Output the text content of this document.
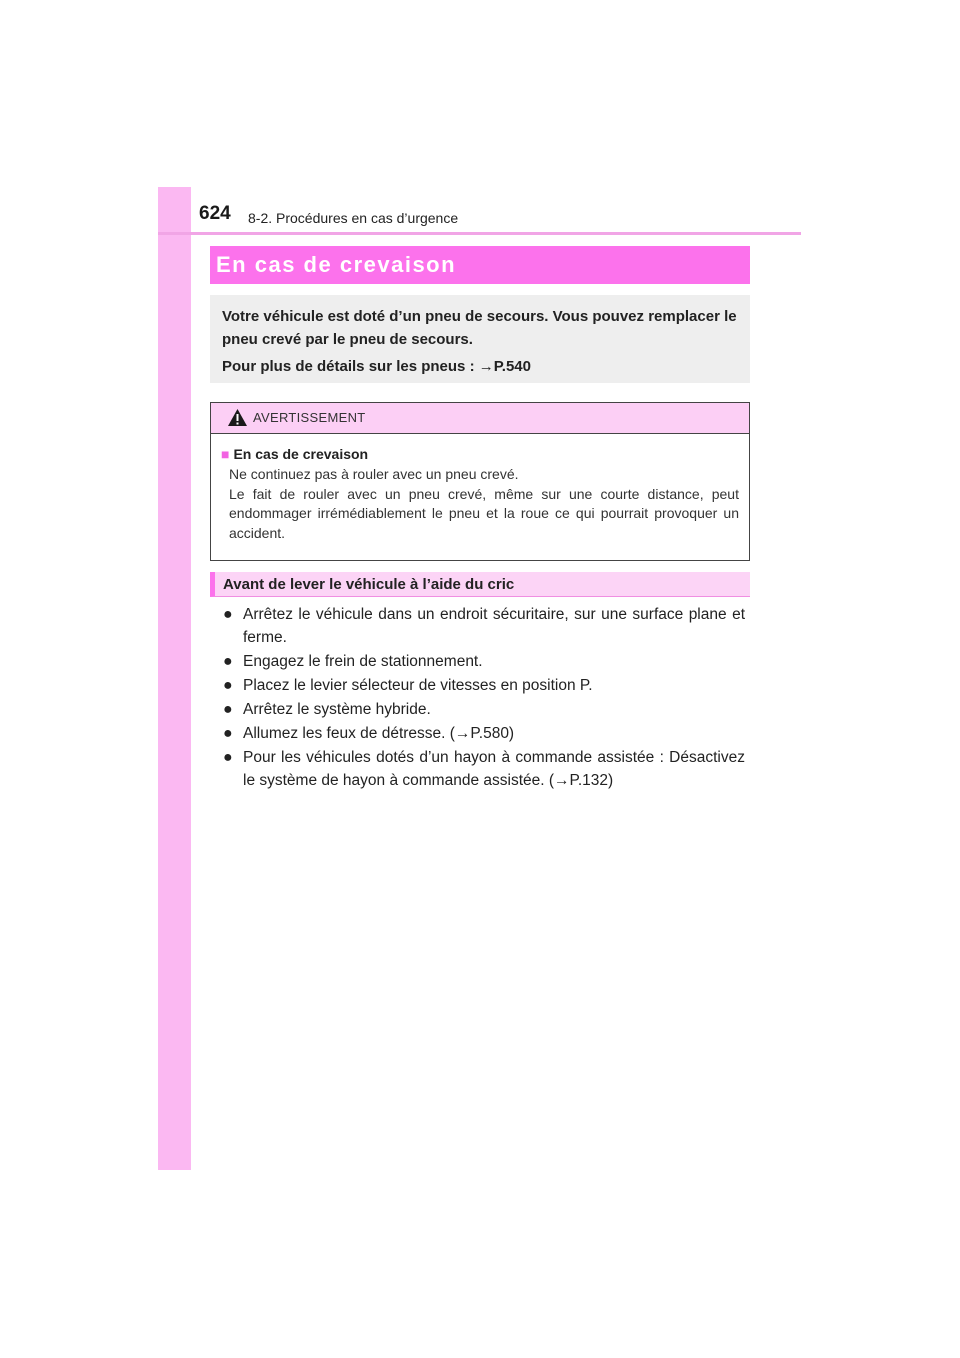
624 8-2. Procédures en cas d’urgence
En cas de crevaison

Votre véhicule est doté d’un pneu de secours. Vous pouvez remplacer le pneu crevé par le pneu de secours.

Pour plus de détails sur les pneus : →P.540

AVERTISSEMENT

■ En cas de crevaison

Ne continuez pas à rouler avec un pneu crevé.
Le fait de rouler avec un pneu crevé, même sur une courte distance, peut endommager irrémédiablement le pneu et la roue ce qui pourrait provoquer un accident.
Avant de lever le véhicule à l’aide du cric
● Arrêtez le véhicule dans un endroit sécuritaire, sur une surface plane et ferme.
● Engagez le frein de stationnement.
● Placez le levier sélecteur de vitesses en position P.
● Arrêtez le système hybride.
● Allumez les feux de détresse. (→P.580)
● Pour les véhicules dotés d’un hayon à commande assistée : Désactivez le système de hayon à commande assistée. (→P.132)
